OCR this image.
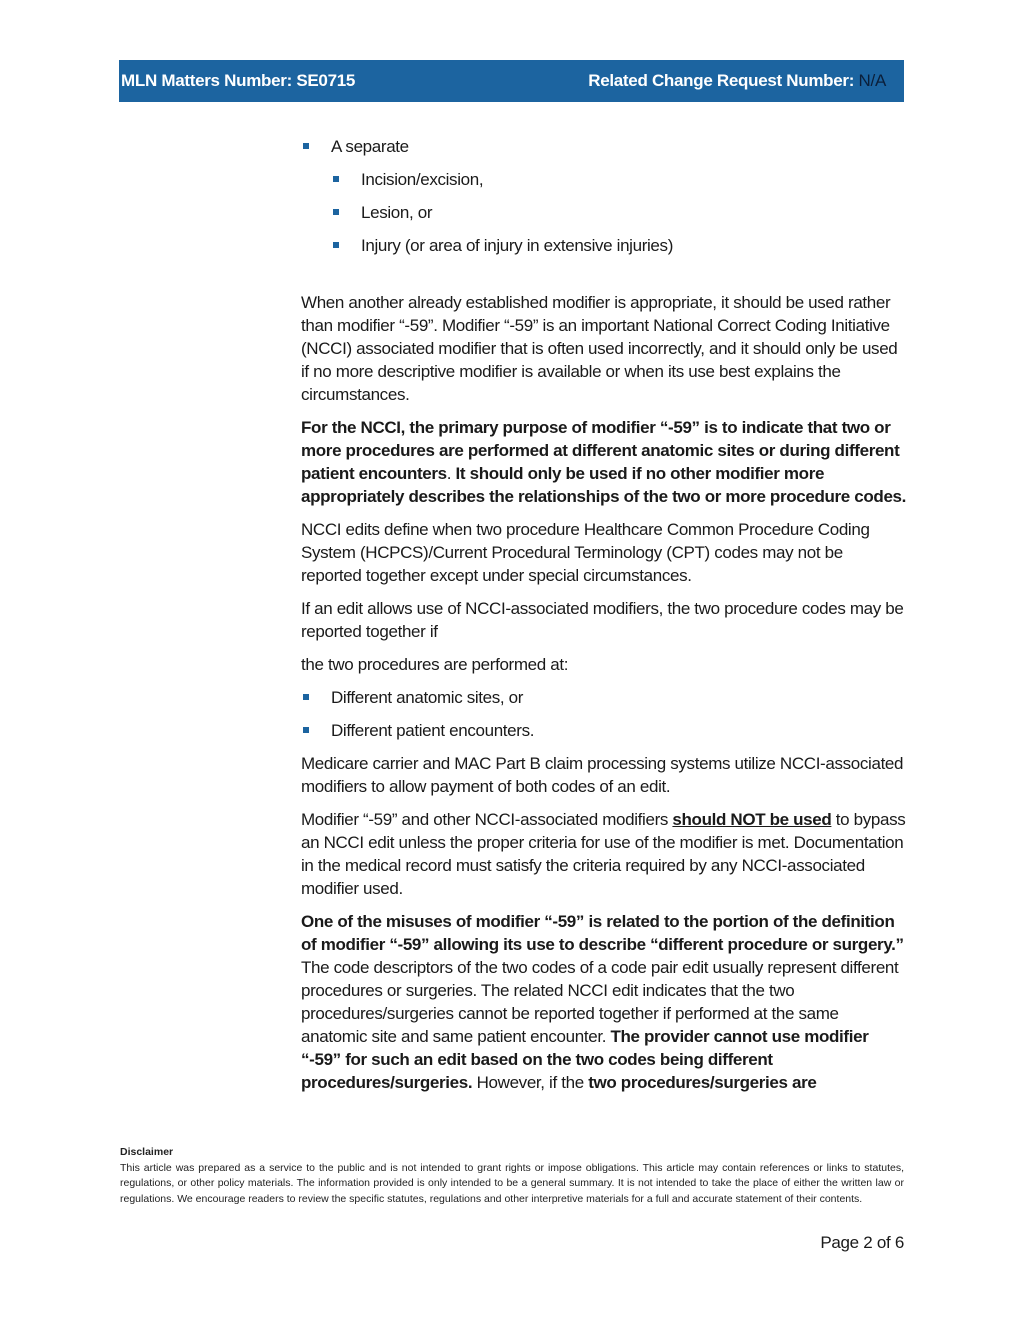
MLN Matters Number: SE0715	Related Change Request Number: N/A
A separate
Incision/excision,
Lesion, or
Injury (or area of injury in extensive injuries)

When another already established modifier is appropriate, it should be used rather than modifier “-59”. Modifier “-59” is an important National Correct Coding Initiative (NCCI) associated modifier that is often used incorrectly, and it should only be used if no more descriptive modifier is available or when its use best explains the circumstances.

For the NCCI, the primary purpose of modifier “-59” is to indicate that two or more procedures are performed at different anatomic sites or during different patient encounters. It should only be used if no other modifier more appropriately describes the relationships of the two or more procedure codes.

NCCI edits define when two procedure Healthcare Common Procedure Coding System (HCPCS)/Current Procedural Terminology (CPT) codes may not be reported together except under special circumstances.

If an edit allows use of NCCI-associated modifiers, the two procedure codes may be reported together if

the two procedures are performed at:

Different anatomic sites, or
Different patient encounters.

Medicare carrier and MAC Part B claim processing systems utilize NCCI-associated modifiers to allow payment of both codes of an edit.

Modifier “-59” and other NCCI-associated modifiers should NOT be used to bypass an NCCI edit unless the proper criteria for use of the modifier is met. Documentation in the medical record must satisfy the criteria required by any NCCI-associated modifier used.

One of the misuses of modifier “-59” is related to the portion of the definition of modifier “-59” allowing its use to describe “different procedure or surgery.” The code descriptors of the two codes of a code pair edit usually represent different procedures or surgeries. The related NCCI edit indicates that the two procedures/surgeries cannot be reported together if performed at the same anatomic site and same patient encounter. The provider cannot use modifier “-59” for such an edit based on the two codes being different procedures/surgeries. However, if the two procedures/surgeries are

Disclaimer
This article was prepared as a service to the public and is not intended to grant rights or impose obligations. This article may contain references or links to statutes, regulations, or other policy materials. The information provided is only intended to be a general summary. It is not intended to take the place of either the written law or regulations. We encourage readers to review the specific statutes, regulations and other interpretive materials for a full and accurate statement of their contents.
Page 2 of 6
